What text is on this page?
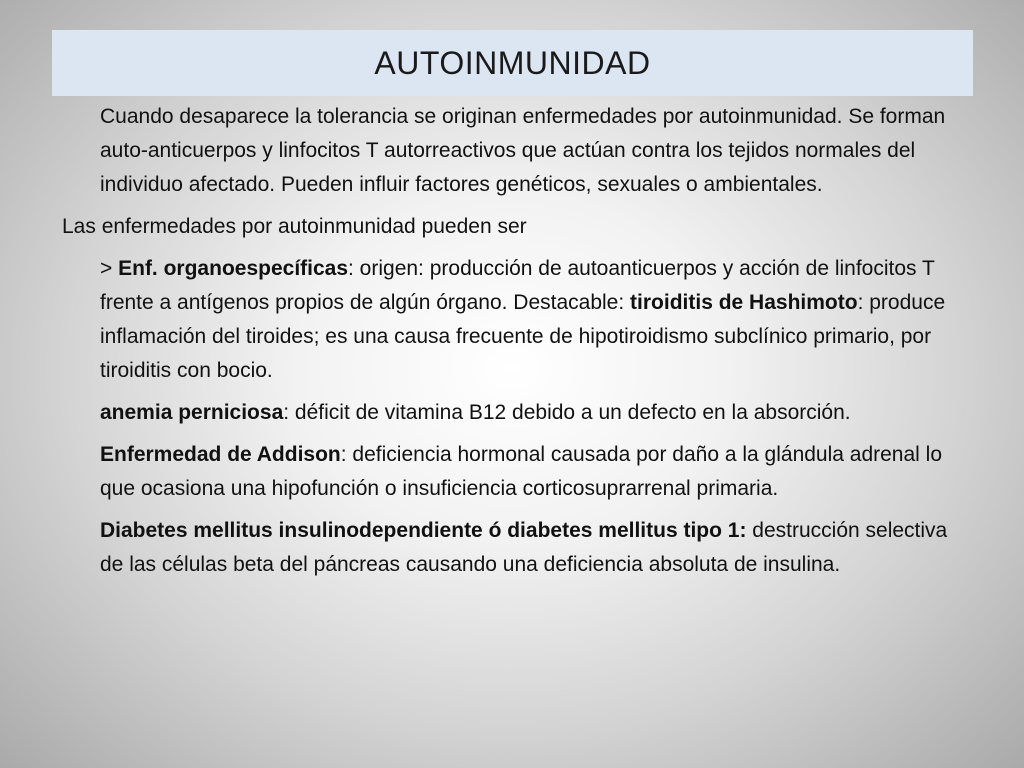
AUTOINMUNIDAD

Cuando desaparece la tolerancia se originan enfermedades por autoinmunidad. Se forman auto-anticuerpos y linfocitos T autorreactivos que actúan contra los tejidos normales del individuo afectado. Pueden influir factores genéticos, sexuales o ambientales.

Las enfermedades por autoinmunidad pueden ser

> Enf. organoespecíficas: origen: producción de autoanticuerpos y acción de linfocitos T frente a antígenos propios de algún órgano. Destacable: tiroiditis de Hashimoto: produce inflamación del tiroides; es una causa frecuente de hipotiroidismo subclínico primario, por tiroiditis con bocio.

anemia perniciosa: déficit de vitamina B12 debido a un defecto en la absorción.

Enfermedad de Addison: deficiencia hormonal causada por daño a la glándula adrenal lo que ocasiona una hipofunción o insuficiencia corticosuprarrenal primaria.

Diabetes mellitus insulinodependiente ó diabetes mellitus tipo 1: destrucción selectiva de las células beta del páncreas causando una deficiencia absoluta de insulina.
